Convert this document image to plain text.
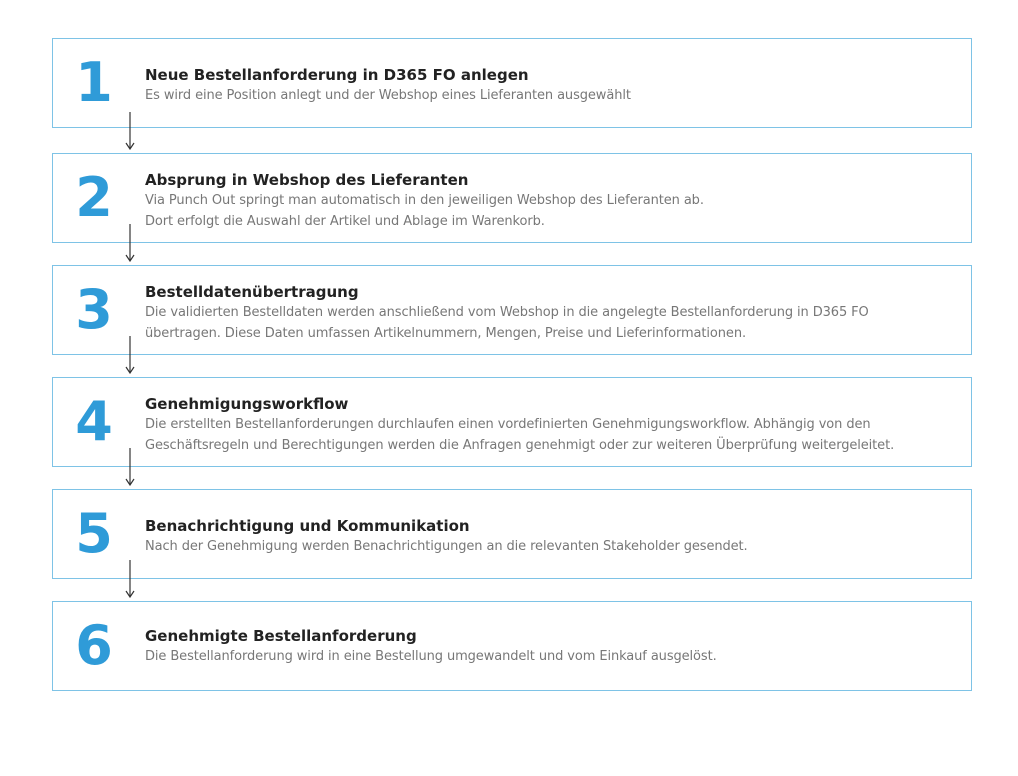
1 Neue Bestellanforderung in D365 FO anlegen
Es wird eine Position anlegt und der Webshop eines Lieferanten ausgewählt
2 Absprung in Webshop des Lieferanten
Via Punch Out springt man automatisch in den jeweiligen Webshop des Lieferanten ab.
Dort erfolgt die Auswahl der Artikel und Ablage im Warenkorb.
3 Bestelldatenübertragung
Die validierten Bestelldaten werden anschließend vom Webshop in die angelegte Bestellanforderung in D365 FO
übertragen. Diese Daten umfassen Artikelnummern, Mengen, Preise und Lieferinformationen.
4 Genehmigungsworkflow
Die erstellten Bestellanforderungen durchlaufen einen vordefinierten Genehmigungsworkflow. Abhängig von den
Geschäftsregeln und Berechtigungen werden die Anfragen genehmigt oder zur weiteren Überprüfung weitergeleitet.
5 Benachrichtigung und Kommunikation
Nach der Genehmigung werden Benachrichtigungen an die relevanten Stakeholder gesendet.
6 Genehmigte Bestellanforderung
Die Bestellanforderung wird in eine Bestellung umgewandelt und vom Einkauf ausgelöst.
